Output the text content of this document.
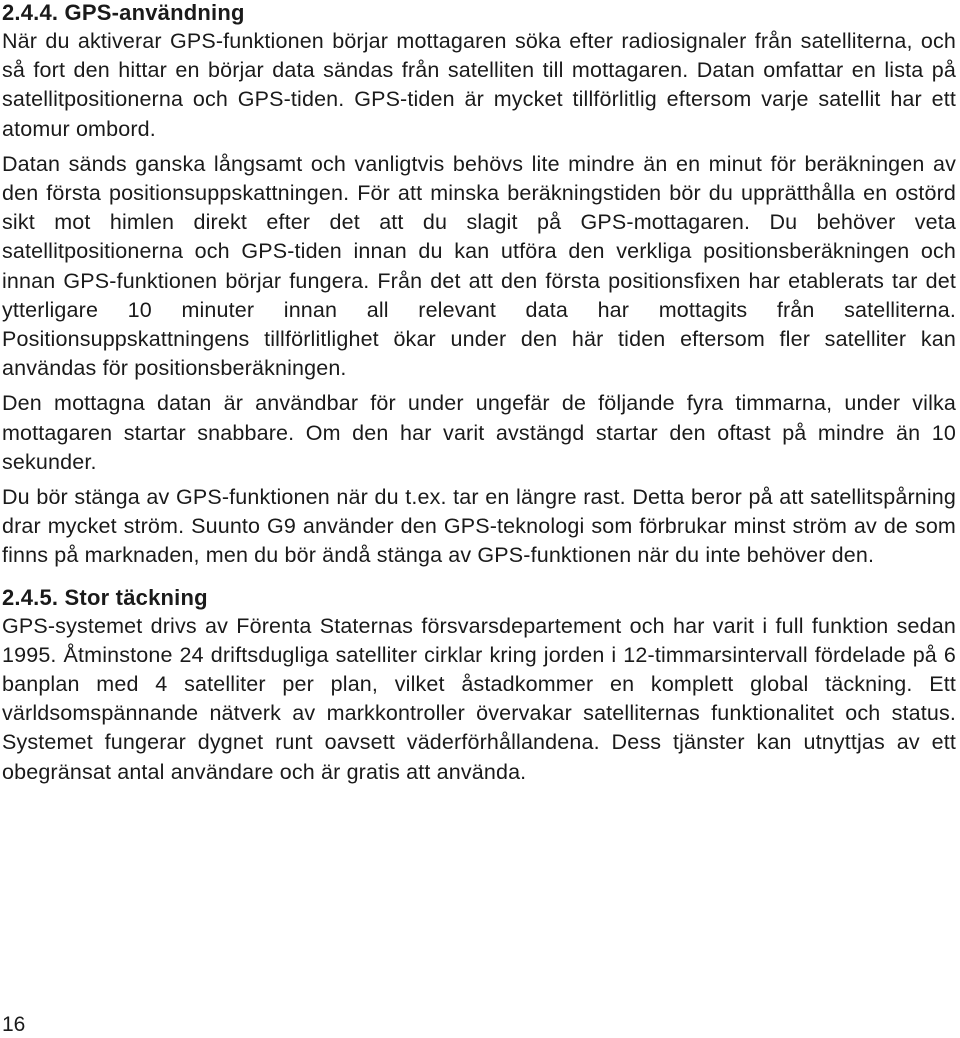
2.4.4. GPS-användning

När du aktiverar GPS-funktionen börjar mottagaren söka efter radiosignaler från satelliterna, och så fort den hittar en börjar data sändas från satelliten till mottagaren. Datan omfattar en lista på satellitpositionerna och GPS-tiden. GPS-tiden är mycket tillförlitlig eftersom varje satellit har ett atomur ombord.

Datan sänds ganska långsamt och vanligtvis behövs lite mindre än en minut för beräkningen av den första positionsuppskattningen. För att minska beräkningstiden bör du upprätthålla en ostörd sikt mot himlen direkt efter det att du slagit på GPS-mottagaren. Du behöver veta satellitpositionerna och GPS-tiden innan du kan utföra den verkliga positionsberäkningen och innan GPS-funktionen börjar fungera. Från det att den första positionsfixen har etablerats tar det ytterligare 10 minuter innan all relevant data har mottagits från satelliterna. Positionsuppskattningens tillförlitlighet ökar under den här tiden eftersom fler satelliter kan användas för positionsberäkningen.

Den mottagna datan är användbar för under ungefär de följande fyra timmarna, under vilka mottagaren startar snabbare. Om den har varit avstängd startar den oftast på mindre än 10 sekunder.

Du bör stänga av GPS-funktionen när du t.ex. tar en längre rast. Detta beror på att satellitspårning drar mycket ström. Suunto G9 använder den GPS-teknologi som förbrukar minst ström av de som finns på marknaden, men du bör ändå stänga av GPS-funktionen när du inte behöver den.

2.4.5. Stor täckning

GPS-systemet drivs av Förenta Staternas försvarsdepartement och har varit i full funktion sedan 1995. Åtminstone 24 driftsdugliga satelliter cirklar kring jorden i 12-timmarsintervall fördelade på 6 banplan med 4 satelliter per plan, vilket åstadkommer en komplett global täckning. Ett världsomspännande nätverk av markkontroller övervakar satelliternas funktionalitet och status. Systemet fungerar dygnet runt oavsett väderförhållandena. Dess tjänster kan utnyttjas av ett obegränsat antal användare och är gratis att använda.

16
